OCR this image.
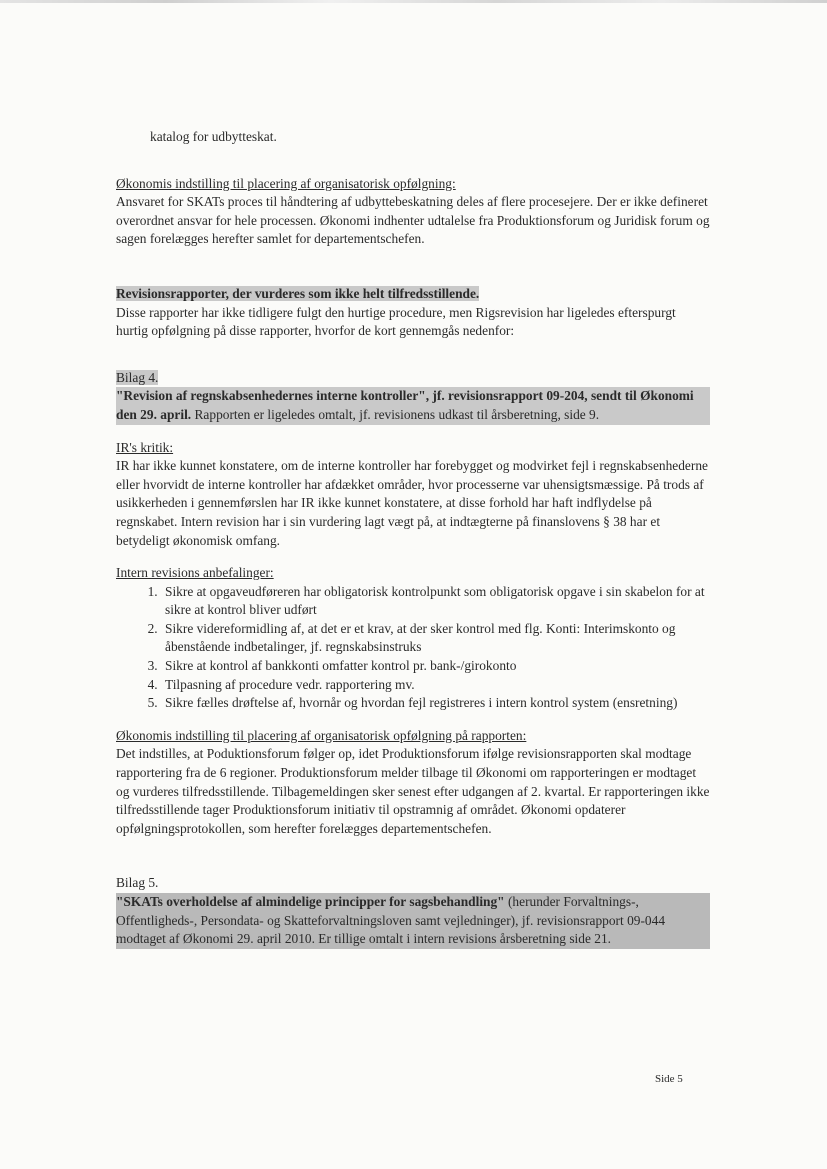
katalog for udbytteskat.

Økonomis indstilling til placering af organisatorisk opfølgning:

Ansvaret for SKATs proces til håndtering af udbyttebeskatning deles af flere procesejere. Der er ikke defineret overordnet ansvar for hele processen. Økonomi indhenter udtalelse fra Produktionsforum og Juridisk forum og sagen forelægges herefter samlet for departementschefen.

Revisionsrapporter, der vurderes som ikke helt tilfredsstillende.

Disse rapporter har ikke tidligere fulgt den hurtige procedure, men Rigsrevision har ligeledes efterspurgt hurtig opfølgning på disse rapporter, hvorfor de kort gennemgås nedenfor:

Bilag 4.

"Revision af regnskabsenhedernes interne kontroller", jf. revisionsrapport 09-204, sendt til Økonomi den 29. april. Rapporten er ligeledes omtalt, jf. revisionens udkast til årsberetning, side 9.

IR's kritik:

IR har ikke kunnet konstatere, om de interne kontroller har forebygget og modvirket fejl i regnskabsenhederne eller hvorvidt de interne kontroller har afdækket områder, hvor processerne var uhensigtsmæssige. På trods af usikkerheden i gennemførslen har IR ikke kunnet konstatere, at disse forhold har haft indflydelse på regnskabet. Intern revision har i sin vurdering lagt vægt på, at indtægterne på finanslovens § 38 har et betydeligt økonomisk omfang.

Intern revisions anbefalinger:

1. Sikre at opgaveudføreren har obligatorisk kontrolpunkt som obligatorisk opgave i sin skabelon for at sikre at kontrol bliver udført
2. Sikre videreformidling af, at det er et krav, at der sker kontrol med flg. Konti: Interimskonto og åbenstående indbetalinger, jf. regnskabsinstruks
3. Sikre at kontrol af bankkonti omfatter kontrol pr. bank-/girokonto
4. Tilpasning af procedure vedr. rapportering mv.
5. Sikre fælles drøftelse af, hvornår og hvordan fejl registreres i intern kontrol system (ensretning)

Økonomis indstilling til placering af organisatorisk opfølgning på rapporten:

Det indstilles, at Poduktionsforum følger op, idet Produktionsforum ifølge revisionsrapporten skal modtage rapportering fra de 6 regioner. Produktionsforum melder tilbage til Økonomi om rapporteringen er modtaget og vurderes tilfredsstillende. Tilbagemeldingen sker senest efter udgangen af 2. kvartal. Er rapporteringen ikke tilfredsstillende tager Produktionsforum initiativ til opstramnig af området. Økonomi opdaterer opfølgningsprotokollen, som herefter forelægges departementschefen.

Bilag 5.

"SKATs overholdelse af almindelige principper for sagsbehandling" (herunder Forvaltnings-, Offentligheds-, Persondata- og Skatteforvaltningsloven samt vejledninger), jf. revisionsrapport 09-044 modtaget af Økonomi 29. april 2010. Er tillige omtalt i intern revisions årsberetning side 21.

Side 5
